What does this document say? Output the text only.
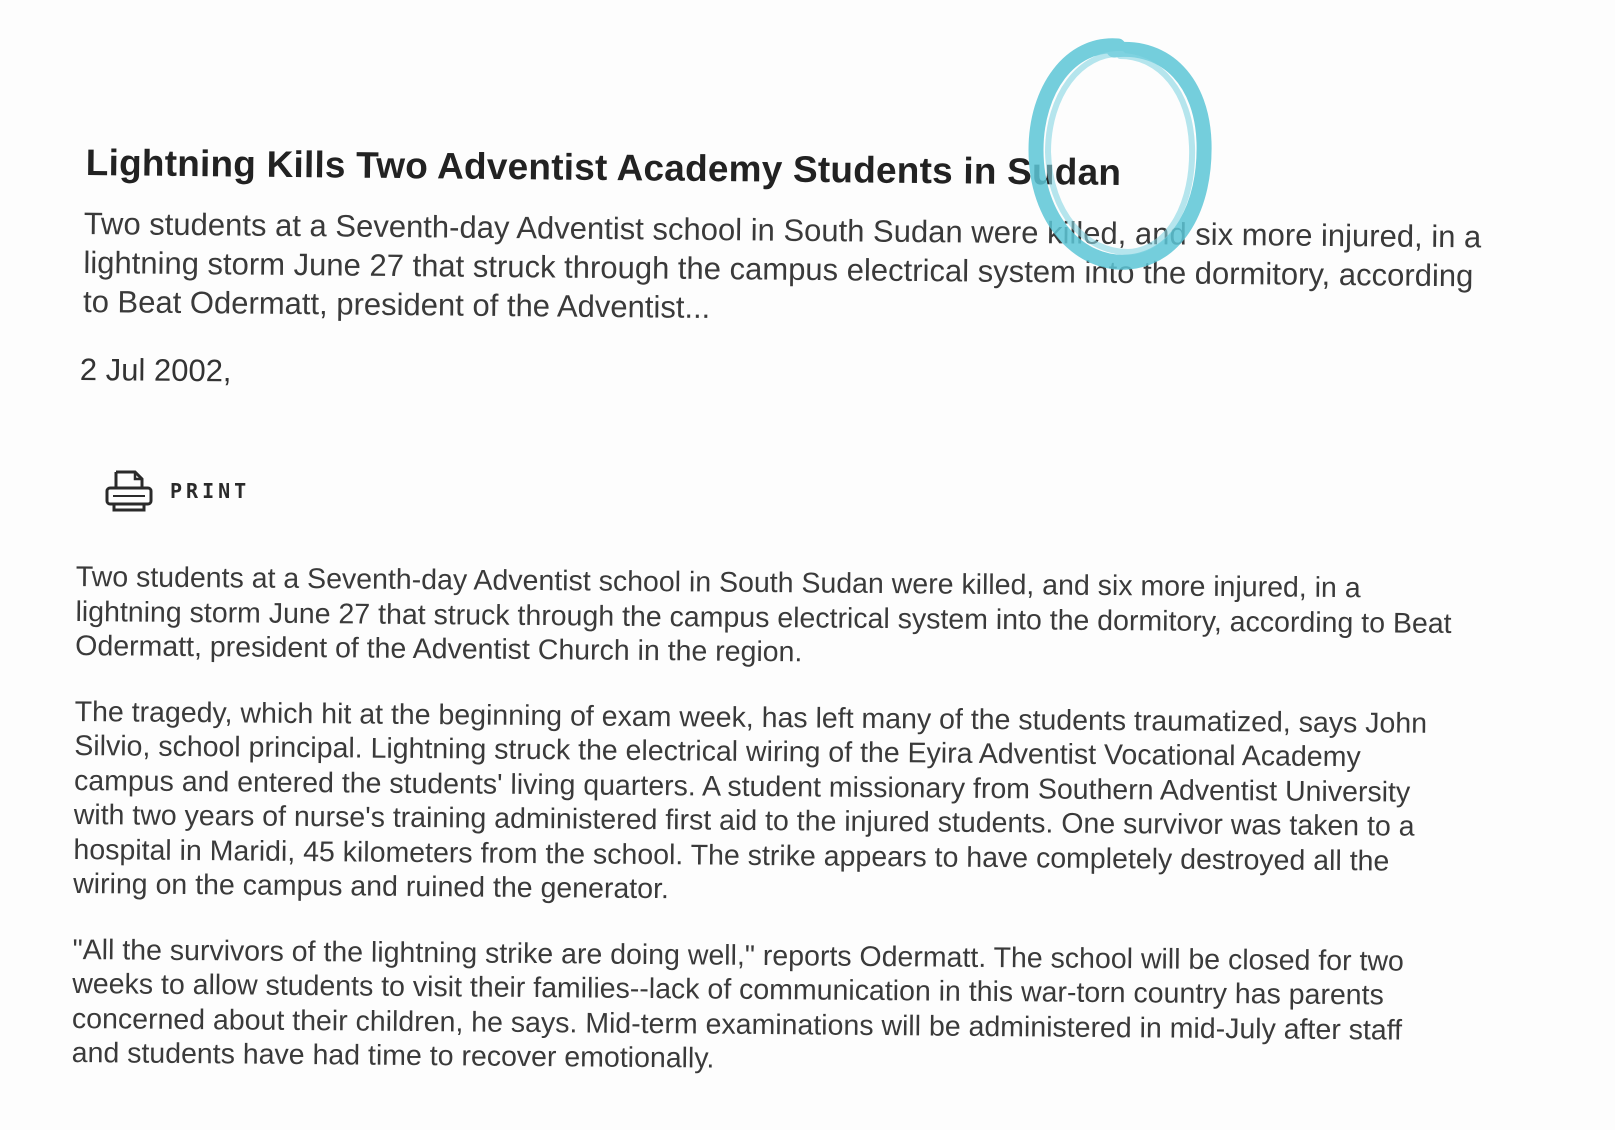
Lightning Kills Two Adventist Academy Students in Sudan

Two students at a Seventh-day Adventist school in South Sudan were killed, and six more injured, in a lightning storm June 27 that struck through the campus electrical system into the dormitory, according to Beat Odermatt, president of the Adventist...

2 Jul 2002,

PRINT

Two students at a Seventh-day Adventist school in South Sudan were killed, and six more injured, in a lightning storm June 27 that struck through the campus electrical system into the dormitory, according to Beat Odermatt, president of the Adventist Church in the region.

The tragedy, which hit at the beginning of exam week, has left many of the students traumatized, says John Silvio, school principal. Lightning struck the electrical wiring of the Eyira Adventist Vocational Academy campus and entered the students' living quarters. A student missionary from Southern Adventist University with two years of nurse's training administered first aid to the injured students. One survivor was taken to a hospital in Maridi, 45 kilometers from the school. The strike appears to have completely destroyed all the wiring on the campus and ruined the generator.

"All the survivors of the lightning strike are doing well," reports Odermatt. The school will be closed for two weeks to allow students to visit their families--lack of communication in this war-torn country has parents concerned about their children, he says. Mid-term examinations will be administered in mid-July after staff and students have had time to recover emotionally.
